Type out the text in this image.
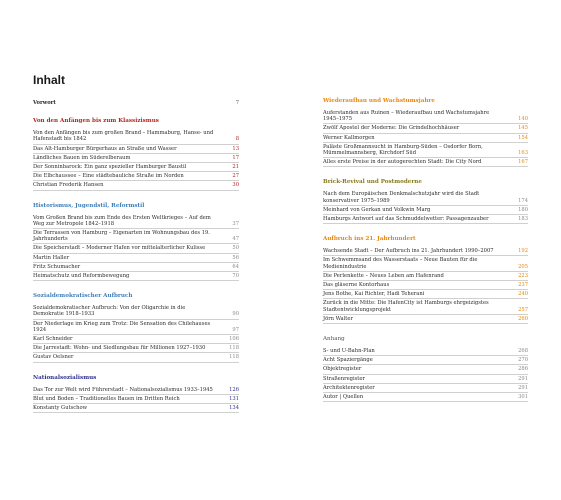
Inhalt
Vorwort	7
Von den Anfängen bis zum Klassizismus
Von den Anfängen bis zum großen Brand – Hammaburg, Hanse- und Hafenstadt bis 1842	8
Das Alt-Hamburger Bürgerhaus an Straße und Wasser	13
Ländliches Bauen im Süderelberaum	17
Der Sonninbarock: Ein ganz spezieller Hamburger Baustil	21
Die Elbchaussee – Eine städtebauliche Straße im Norden	27
Christian Frederik Hansen	30
Historismus, Jugendstil, Reformstil
Vom Großen Brand bis zum Ende des Ersten Weltkrieges – Auf dem Weg zur Metropole 1842–1918	37
Die Terrassen von Hamburg – Eigenarten im Wohnungsbau des 19. Jahrhunderts	47
Die Speicherstadt – Moderner Hafen vor mittelalterlicher Kulisse	50
Martin Haller	56
Fritz Schumacher	64
Heimatschutz und Reformbewegung	70
Sozialdemokratischer Aufbruch
Sozialdemokratischer Aufbruch: Von der Oligarchie in die Demokratie 1918–1933	90
Der Niederlage im Krieg zum Trotz: Die Sensation des Chilehauses 1924	97
Karl Schneider	106
Die Jarrestadt: Wohn- und Siedlungsbau für Millionen 1927–1930	118
Gustav Oelsner	118
Nationalsozialismus
Das Tor zur Welt wird Führerstadt – Nationalsozialismus 1933–1945	126
Blut und Boden – Traditionelles Bauen im Dritten Reich	131
Konstanty Gutschow	134
Wiederaufbau und Wachstumsjahre
Auferstanden aus Ruinen – Wiederaufbau und Wachstumsjahre 1945–1975	140
Zwölf Apostel der Moderne: Die Grindelhochhäuser	145
Werner Kallmorgen	154
Paläste Großmannsucht in Hamburg-Süden – Osdorfer Born, Mümmelmannsberg, Kirchdorf Süd	163
Alles erste Preise in der autogerechten Stadt: Die City Nord	167
Brick-Revival und Postmoderne
Nach dem Europäischen Denkmalschutzjahr wird die Stadt konservativer 1975–1989	174
Meinhard von Gerkan und Volkwin Marg	180
Hamburgs Antwort auf das Schmuddelwetter: Passagenzauber	183
Aufbruch ins 21. Jahrhundert
Wachsende Stadt – Der Aufbruch ins 21. Jahrhundert 1990–2007	192
Im Schwemmsand des Wasserstaats – Neue Bauten für die Medienindustrie	205
Die Perlenkette – Neues Leben am Hafenrand	223
Das gläserne Kontorhaus	237
Jens Bothe, Kai Richter, Hadi Teherani	240
Zurück in die Mitte: Die HafenCity ist Hamburgs ehrgeizigstes Stadtentwicklungsprojekt	257
Jörn Walter	260
Anhang
S- und U-Bahn-Plan	268
Acht Spaziergänge	270
Objektregister	286
Straßenregister	291
Architektenregister	291
Autor | Quellen	301
